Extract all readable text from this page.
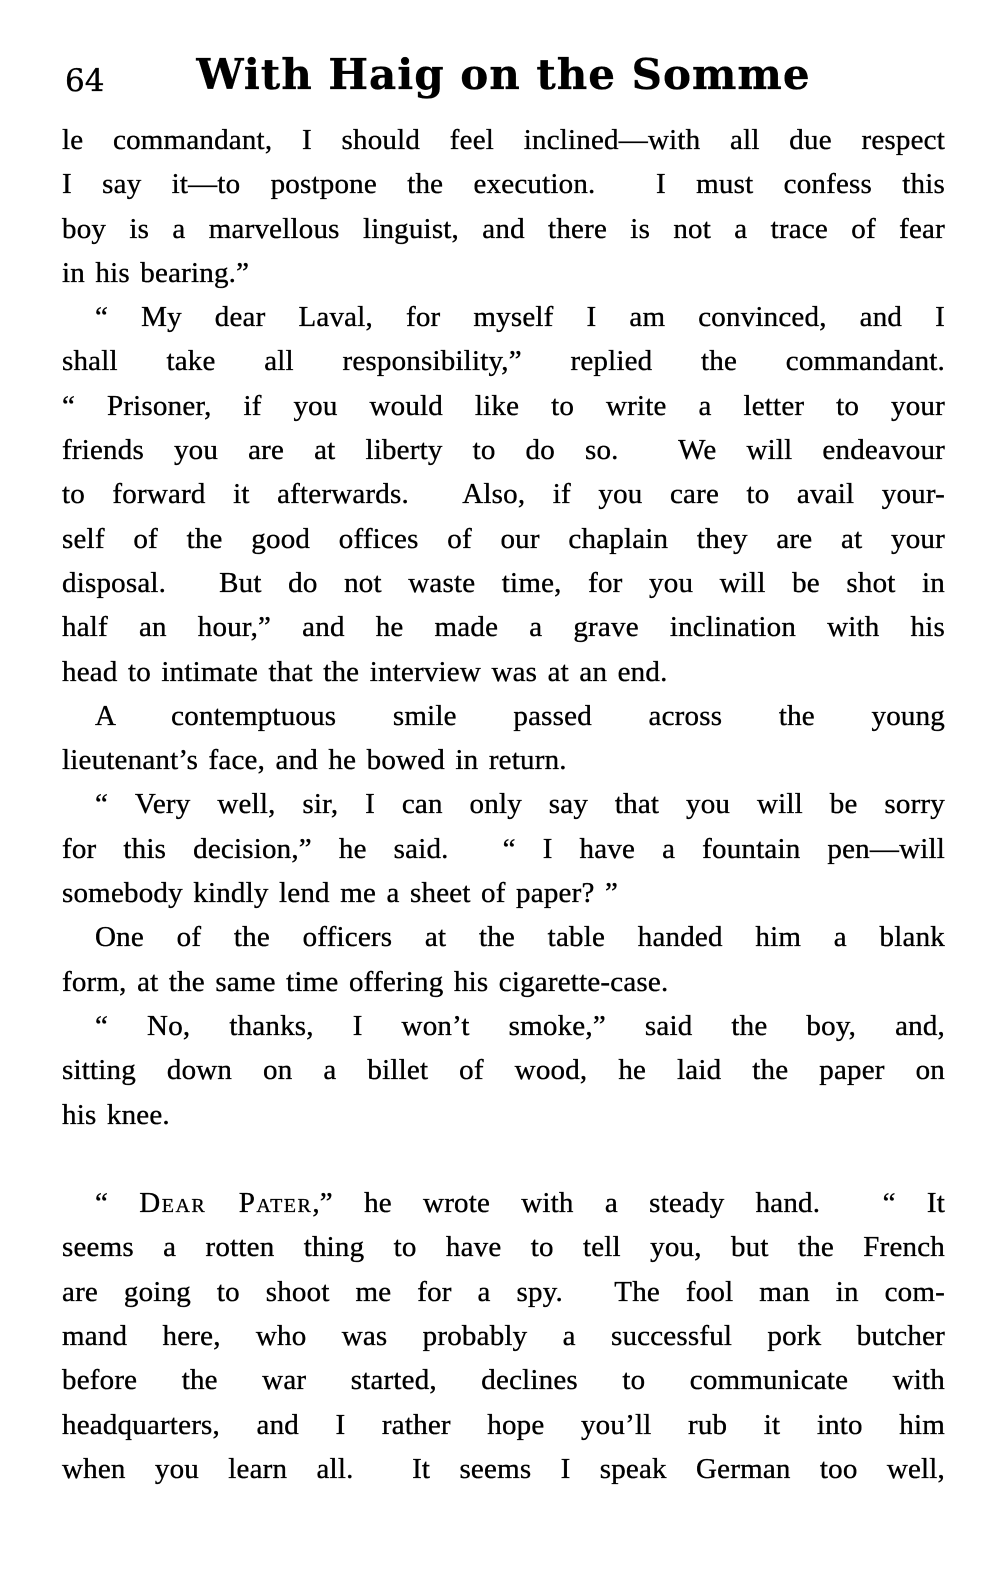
64	With Haig on the Somme
le commandant, I should feel inclined—with all due respect
I say it—to postpone the execution.  I must confess this
boy is a marvellous linguist, and there is not a trace of fear
in his bearing.”
“ My dear Laval, for myself I am convinced, and I
shall take all responsibility,” replied the commandant.
“ Prisoner, if you would like to write a letter to your
friends you are at liberty to do so.  We will endeavour
to forward it afterwards.  Also, if you care to avail your-
self of the good offices of our chaplain they are at your
disposal.  But do not waste time, for you will be shot in
half an hour,” and he made a grave inclination with his
head to intimate that the interview was at an end.
A contemptuous smile passed across the young
lieutenant’s face, and he bowed in return.
“ Very well, sir, I can only say that you will be sorry
for this decision,” he said.  “ I have a fountain pen—will
somebody kindly lend me a sheet of paper? ”
One of the officers at the table handed him a blank
form, at the same time offering his cigarette-case.
“ No, thanks, I won’t smoke,” said the boy, and,
sitting down on a billet of wood, he laid the paper on
his knee.
“ Dear Pater,” he wrote with a steady hand.  “ It
seems a rotten thing to have to tell you, but the French
are going to shoot me for a spy.  The fool man in com-
mand here, who was probably a successful pork butcher
before the war started, declines to communicate with
headquarters, and I rather hope you’ll rub it into him
when you learn all.  It seems I speak German too well,
